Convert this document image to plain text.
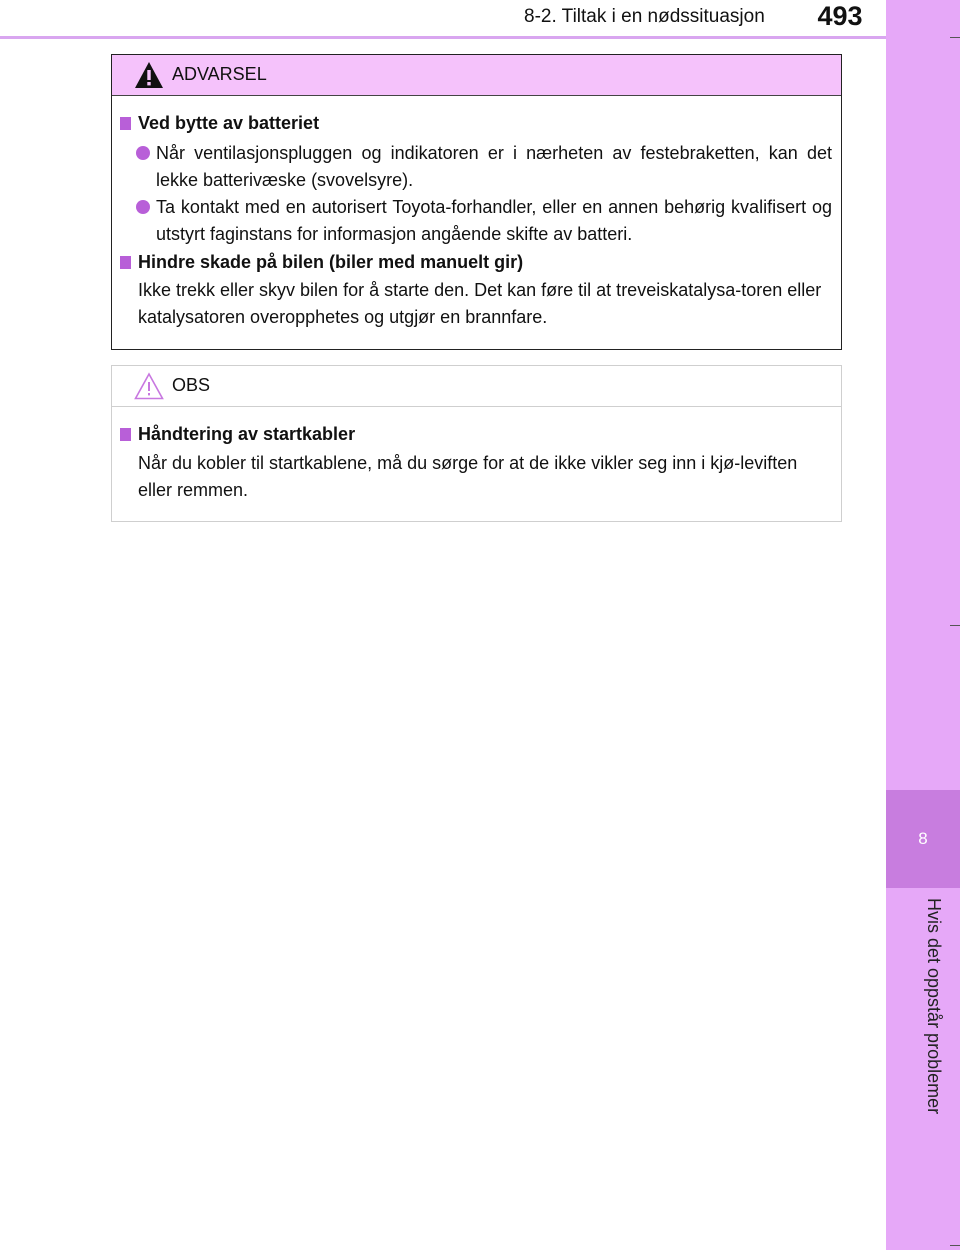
8-2. Tiltak i en nødssituasjon	493
8
Hvis det oppstår problemer
ADVARSEL
Ved bytte av batteriet
Når ventilasjonspluggen og indikatoren er i nærheten av festebraketten, kan det lekke batterivæske (svovelsyre).
Ta kontakt med en autorisert Toyota-forhandler, eller en annen behørig kvalifisert og utstyrt faginstans for informasjon angående skifte av batteri.
Hindre skade på bilen (biler med manuelt gir)
Ikke trekk eller skyv bilen for å starte den. Det kan føre til at treveiskatalysa-toren eller katalysatoren overopphetes og utgjør en brannfare.
OBS
Håndtering av startkabler
Når du kobler til startkablene, må du sørge for at de ikke vikler seg inn i kjø-leviften eller remmen.
